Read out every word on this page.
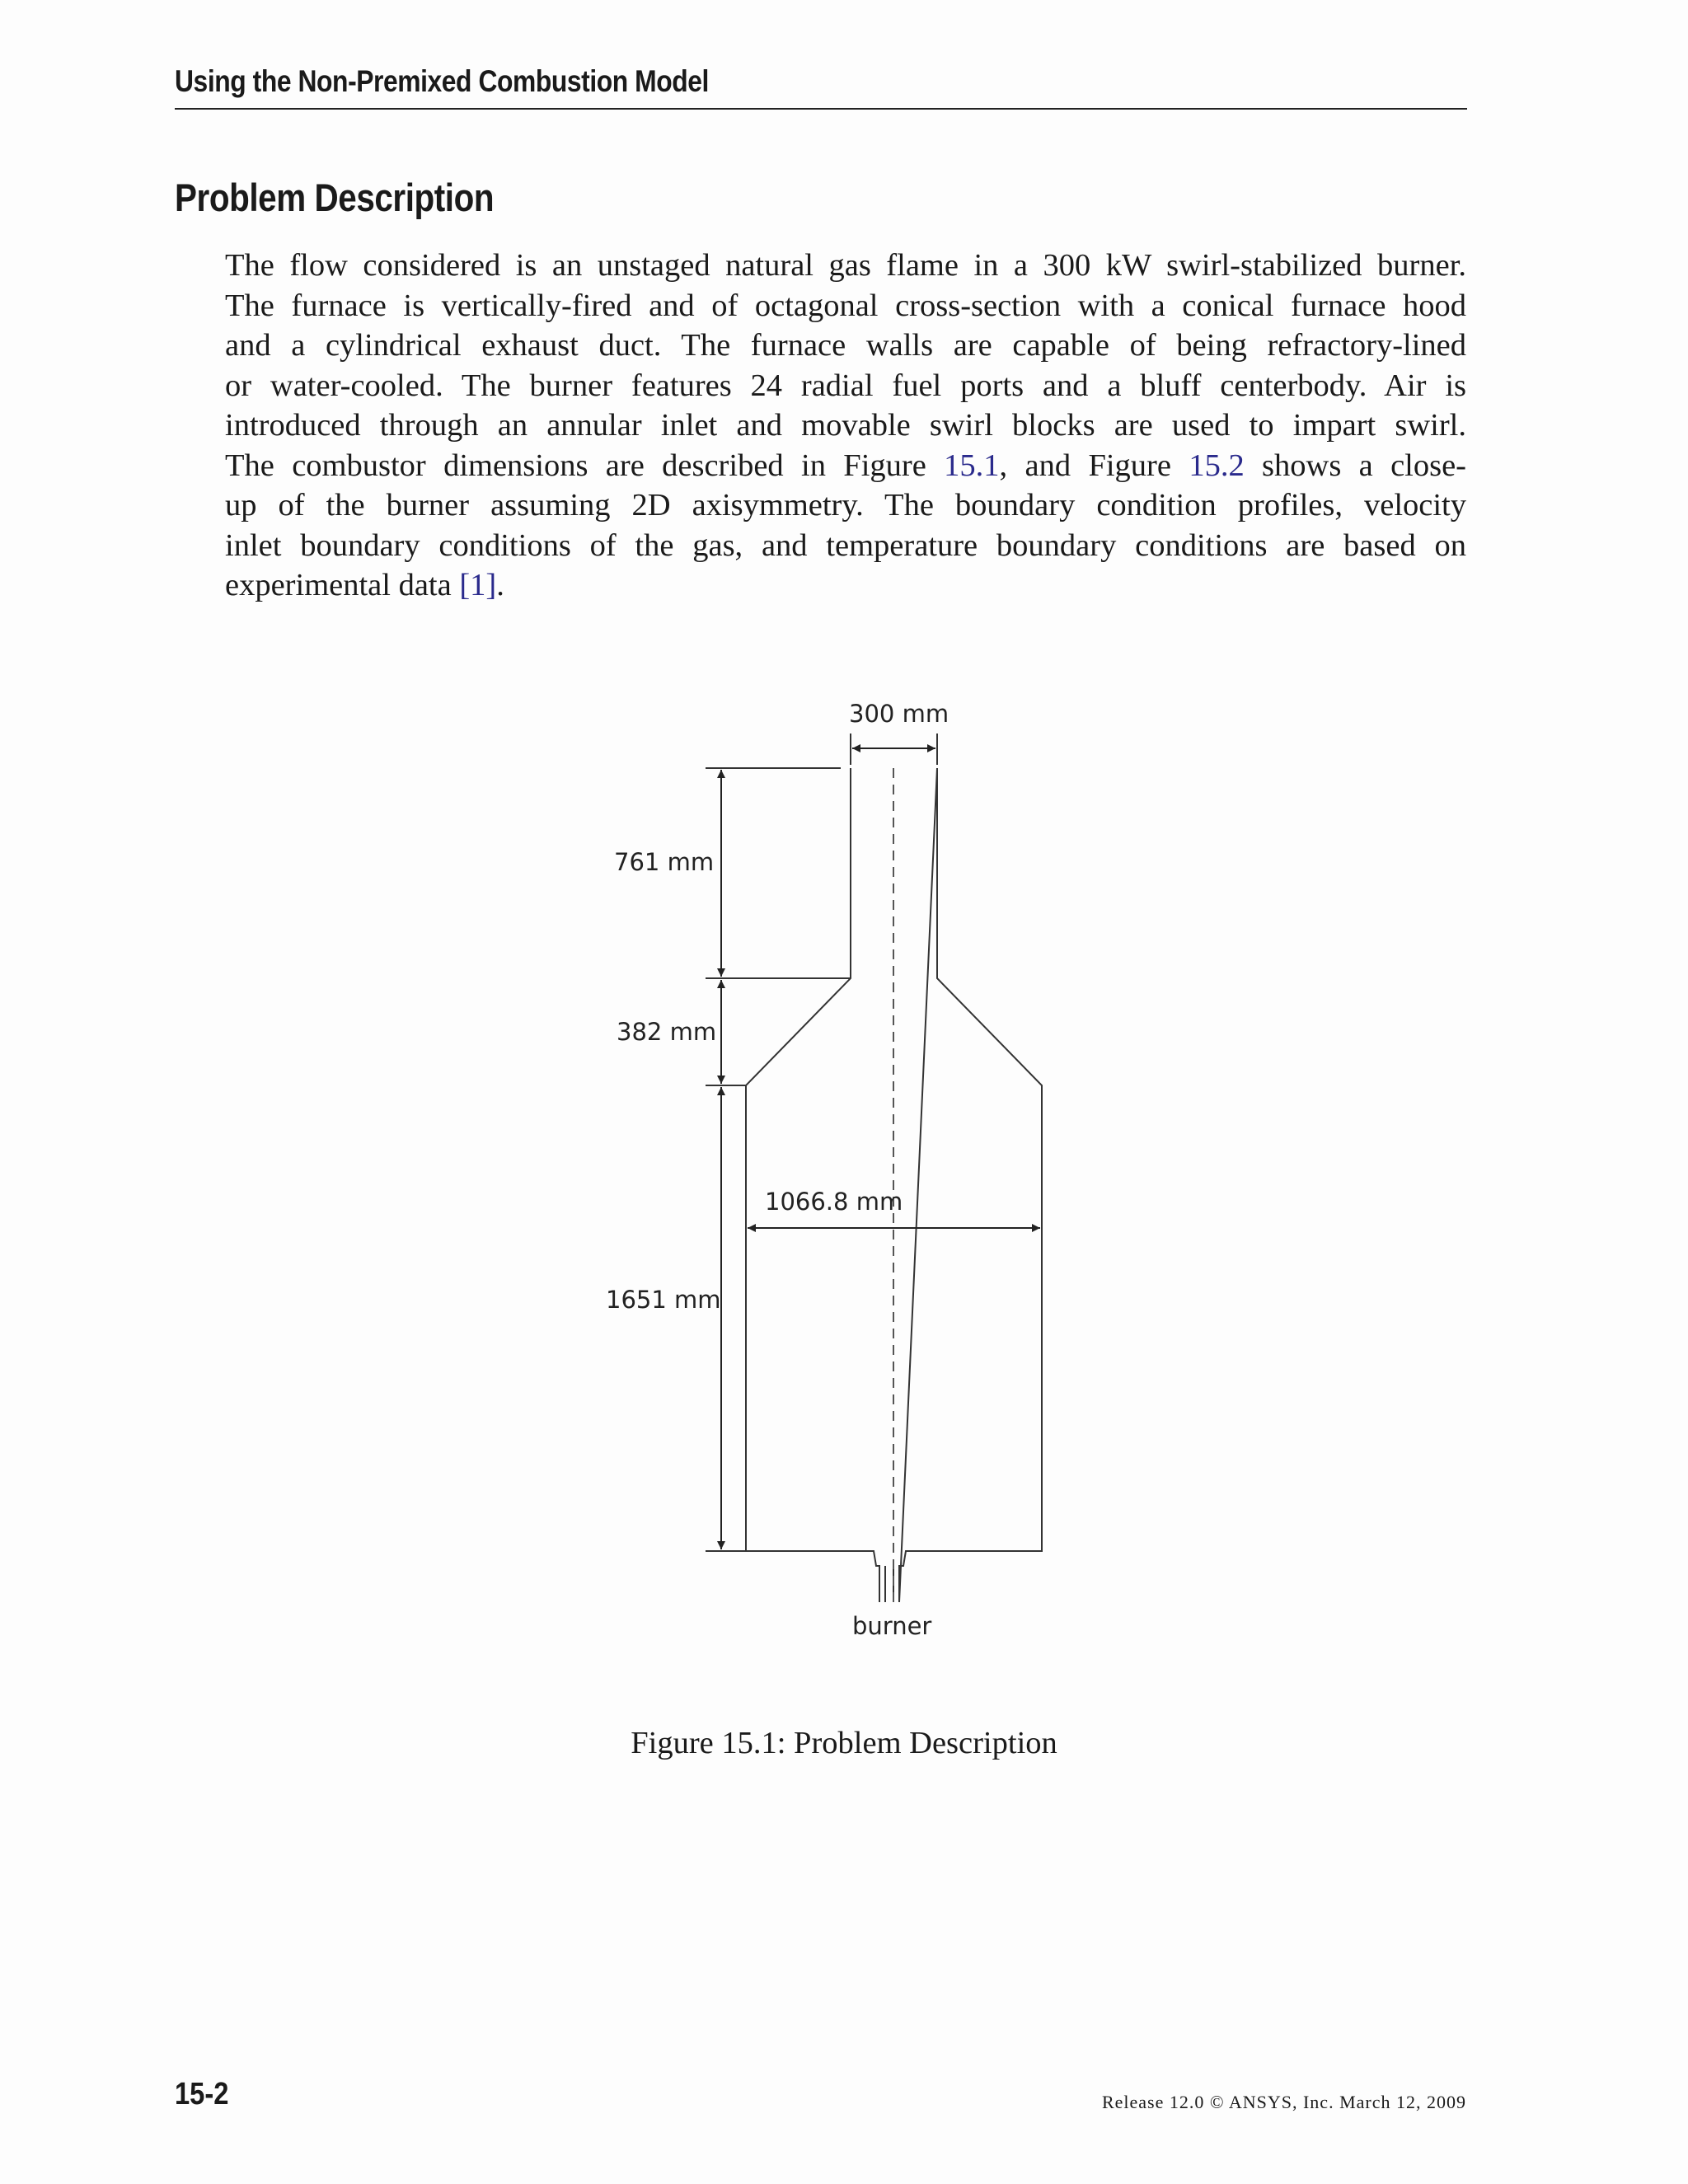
Using the Non-Premixed Combustion Model
Problem Description
The flow considered is an unstaged natural gas flame in a 300 kW swirl-stabilized burner.
The furnace is vertically-fired and of octagonal cross-section with a conical furnace hood
and a cylindrical exhaust duct. The furnace walls are capable of being refractory-lined
or water-cooled. The burner features 24 radial fuel ports and a bluff centerbody. Air is
introduced through an annular inlet and movable swirl blocks are used to impart swirl.
The combustor dimensions are described in Figure 15.1, and Figure 15.2 shows a close-
up of the burner assuming 2D axisymmetry. The boundary condition profiles, velocity
inlet boundary conditions of the gas, and temperature boundary conditions are based on
experimental data [1].
300 mm
761 mm
382 mm
1066.8 mm
1651 mm
burner
Figure 15.1: Problem Description
15-2	Release 12.0 © ANSYS, Inc. March 12, 2009
